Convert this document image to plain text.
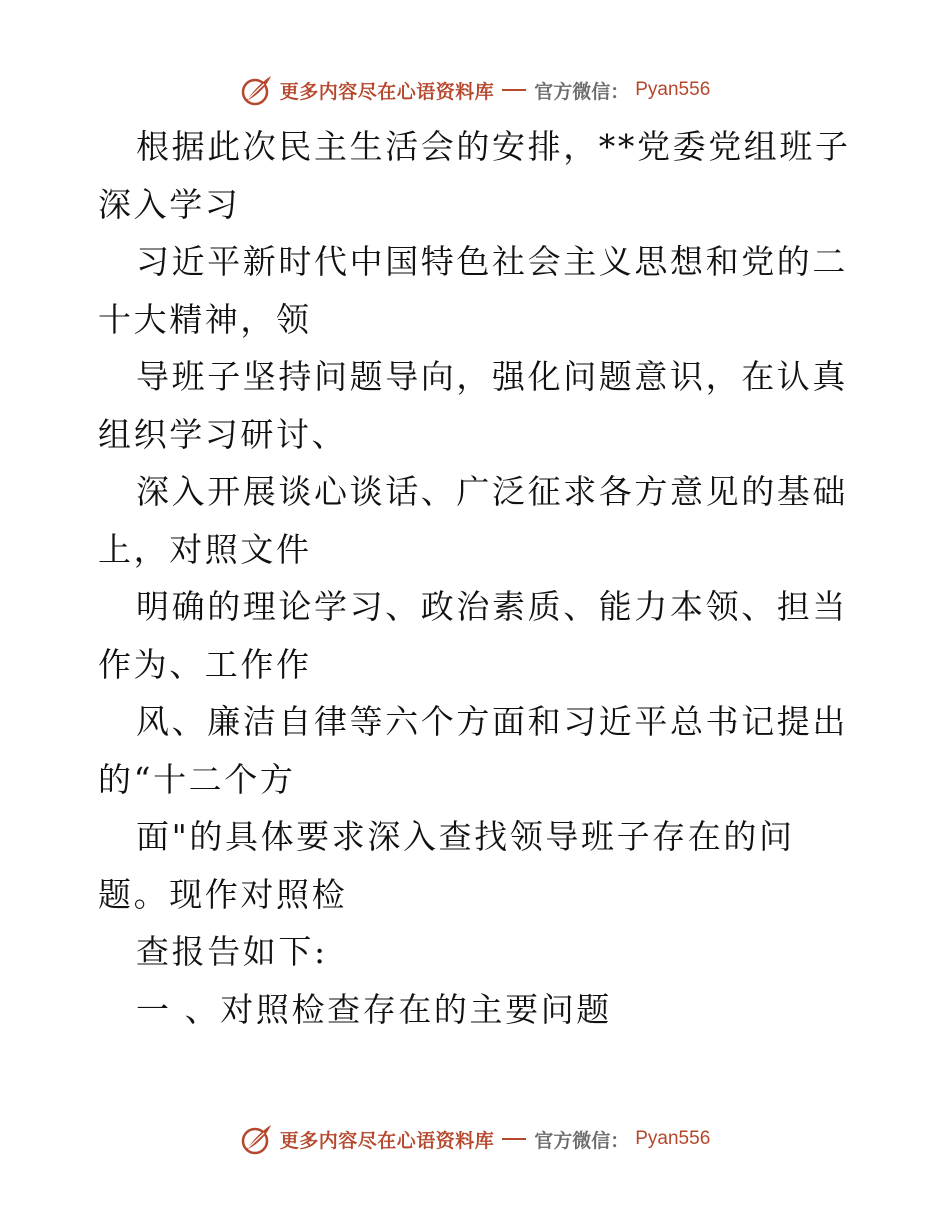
更多内容尽在心语资料库 官方微信： Pyan556

根据此次民主生活会的安排，**党委党组班子深入学习

习近平新时代中国特色社会主义思想和党的二十大精神，领

导班子坚持问题导向，强化问题意识，在认真组织学习研讨、

深入开展谈心谈话、广泛征求各方意见的基础上，对照文件

明确的理论学习、政治素质、能力本领、担当作为、工作作

风、廉洁自律等六个方面和习近平总书记提出的“十二个方

面"的具体要求深入查找领导班子存在的问题。现作对照检

查报告如下:

一 、对照检查存在的主要问题

更多内容尽在心语资料库 官方微信： Pyan556
